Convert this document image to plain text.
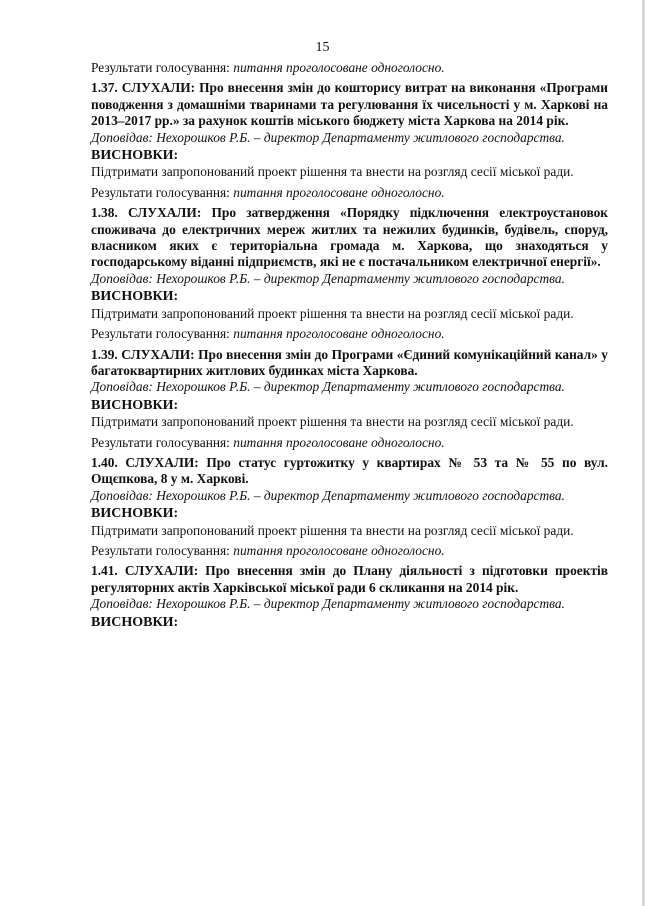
15

Результати голосування: питання проголосоване одноголосно.

1.37. СЛУХАЛИ: Про внесення змін до кошторису витрат на виконання «Програми поводження з домашніми тваринами та регулювання їх чисельності у м. Харкові на 2013–2017 рр.» за рахунок коштів міського бюджету міста Харкова на 2014 рік.

Доповідав: Нехорошков Р.Б. – директор Департаменту житлового господарства.

ВИСНОВКИ:

Підтримати запропонований проект рішення та внести на розгляд сесії міської ради.

Результати голосування: питання проголосоване одноголосно.

1.38. СЛУХАЛИ: Про затвердження «Порядку підключення електроустановок споживача до електричних мереж житлих та нежилих будинків, будівель, споруд, власником яких є територіальна громада м. Харкова, що знаходяться у господарському віданні підприємств, які не є постачальником електричної енергії».

Доповідав: Нехорошков Р.Б. – директор Департаменту житлового господарства.

ВИСНОВКИ:

Підтримати запропонований проект рішення та внести на розгляд сесії міської ради.

Результати голосування: питання проголосоване одноголосно.

1.39. СЛУХАЛИ: Про внесення змін до Програми «Єдиний комунікаційний канал» у багатоквартирних житлових будинках міста Харкова.

Доповідав: Нехорошков Р.Б. – директор Департаменту житлового господарства.

ВИСНОВКИ:

Підтримати запропонований проект рішення та внести на розгляд сесії міської ради.

Результати голосування: питання проголосоване одноголосно.

1.40. СЛУХАЛИ: Про статус гуртожитку у квартирах № 53 та № 55 по вул. Ощєпкова, 8 у м. Харкові.

Доповідав: Нехорошков Р.Б. – директор Департаменту житлового господарства.

ВИСНОВКИ:

Підтримати запропонований проект рішення та внести на розгляд сесії міської ради.

Результати голосування: питання проголосоване одноголосно.

1.41. СЛУХАЛИ: Про внесення змін до Плану діяльності з підготовки проектів регуляторних актів Харківської міської ради 6 скликання на 2014 рік.

Доповідав: Нехорошков Р.Б. – директор Департаменту житлового господарства.

ВИСНОВКИ:
